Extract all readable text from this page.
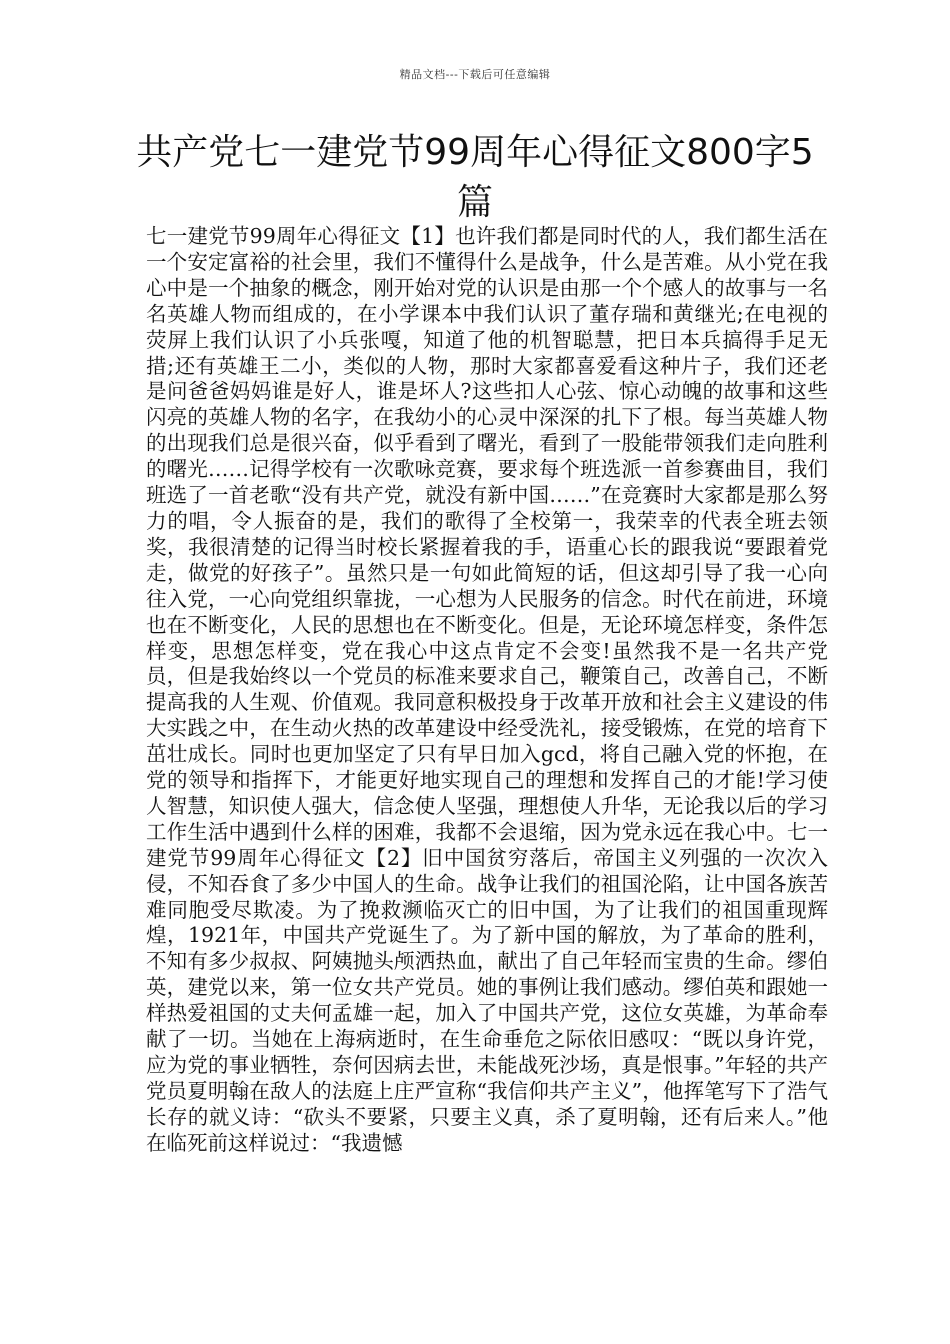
精品文档---下载后可任意编辑
共产党七一建党节99周年心得征文800字5篇

七一建党节99周年心得征文【1】也许我们都是同时代的人，我们都生活在一个安定富裕的社会里，我们不懂得什么是战争，什么是苦难。从小党在我心中是一个抽象的概念，刚开始对党的认识是由那一个个感人的故事与一名名英雄人物而组成的，在小学课本中我们认识了董存瑞和黄继光;在电视的荧屏上我们认识了小兵张嘎，知道了他的机智聪慧，把日本兵搞得手足无措;还有英雄王二小，类似的人物，那时大家都喜爱看这种片子，我们还老是问爸爸妈妈谁是好人，谁是坏人?这些扣人心弦、惊心动魄的故事和这些闪亮的英雄人物的名字，在我幼小的心灵中深深的扎下了根。每当英雄人物的出现我们总是很兴奋，似乎看到了曙光，看到了一股能带领我们走向胜利的曙光……记得学校有一次歌咏竞赛，要求每个班选派一首参赛曲目，我们班选了一首老歌“没有共产党，就没有新中国……”在竞赛时大家都是那么努力的唱，令人振奋的是，我们的歌得了全校第一，我荣幸的代表全班去领奖，我很清楚的记得当时校长紧握着我的手，语重心长的跟我说“要跟着党走，做党的好孩子”。虽然只是一句如此简短的话，但这却引导了我一心向往入党，一心向党组织靠拢，一心想为人民服务的信念。时代在前进，环境也在不断变化，人民的思想也在不断变化。但是，无论环境怎样变，条件怎样变，思想怎样变，党在我心中这点肯定不会变!虽然我不是一名共产党员，但是我始终以一个党员的标准来要求自己，鞭策自己，改善自己，不断提高我的人生观、价值观。我同意积极投身于改革开放和社会主义建设的伟大实践之中，在生动火热的改革建设中经受洗礼，接受锻炼，在党的培育下茁壮成长。同时也更加坚定了只有早日加入gcd，将自己融入党的怀抱，在党的领导和指挥下，才能更好地实现自己的理想和发挥自己的才能!学习使人智慧，知识使人强大，信念使人坚强，理想使人升华，无论我以后的学习工作生活中遇到什么样的困难，我都不会退缩，因为党永远在我心中。七一建党节99周年心得征文【2】旧中国贫穷落后，帝国主义列强的一次次入侵，不知吞食了多少中国人的生命。战争让我们的祖国沦陷，让中国各族苦难同胞受尽欺凌。为了挽救濒临灭亡的旧中国，为了让我们的祖国重现辉煌，1921年，中国共产党诞生了。为了新中国的解放，为了革命的胜利，不知有多少叔叔、阿姨抛头颅洒热血，献出了自己年轻而宝贵的生命。缪伯英，建党以来，第一位女共产党员。她的事例让我们感动。缪伯英和跟她一样热爱祖国的丈夫何孟雄一起，加入了中国共产党，这位女英雄，为革命奉献了一切。当她在上海病逝时，在生命垂危之际依旧感叹：“既以身许党，应为党的事业牺牲，奈何因病去世，未能战死沙场，真是恨事。”年轻的共产党员夏明翰在敌人的法庭上庄严宣称“我信仰共产主义”，他挥笔写下了浩气长存的就义诗：“砍头不要紧，只要主义真，杀了夏明翰，还有后来人。”他在临死前这样说过：“我遗憾
